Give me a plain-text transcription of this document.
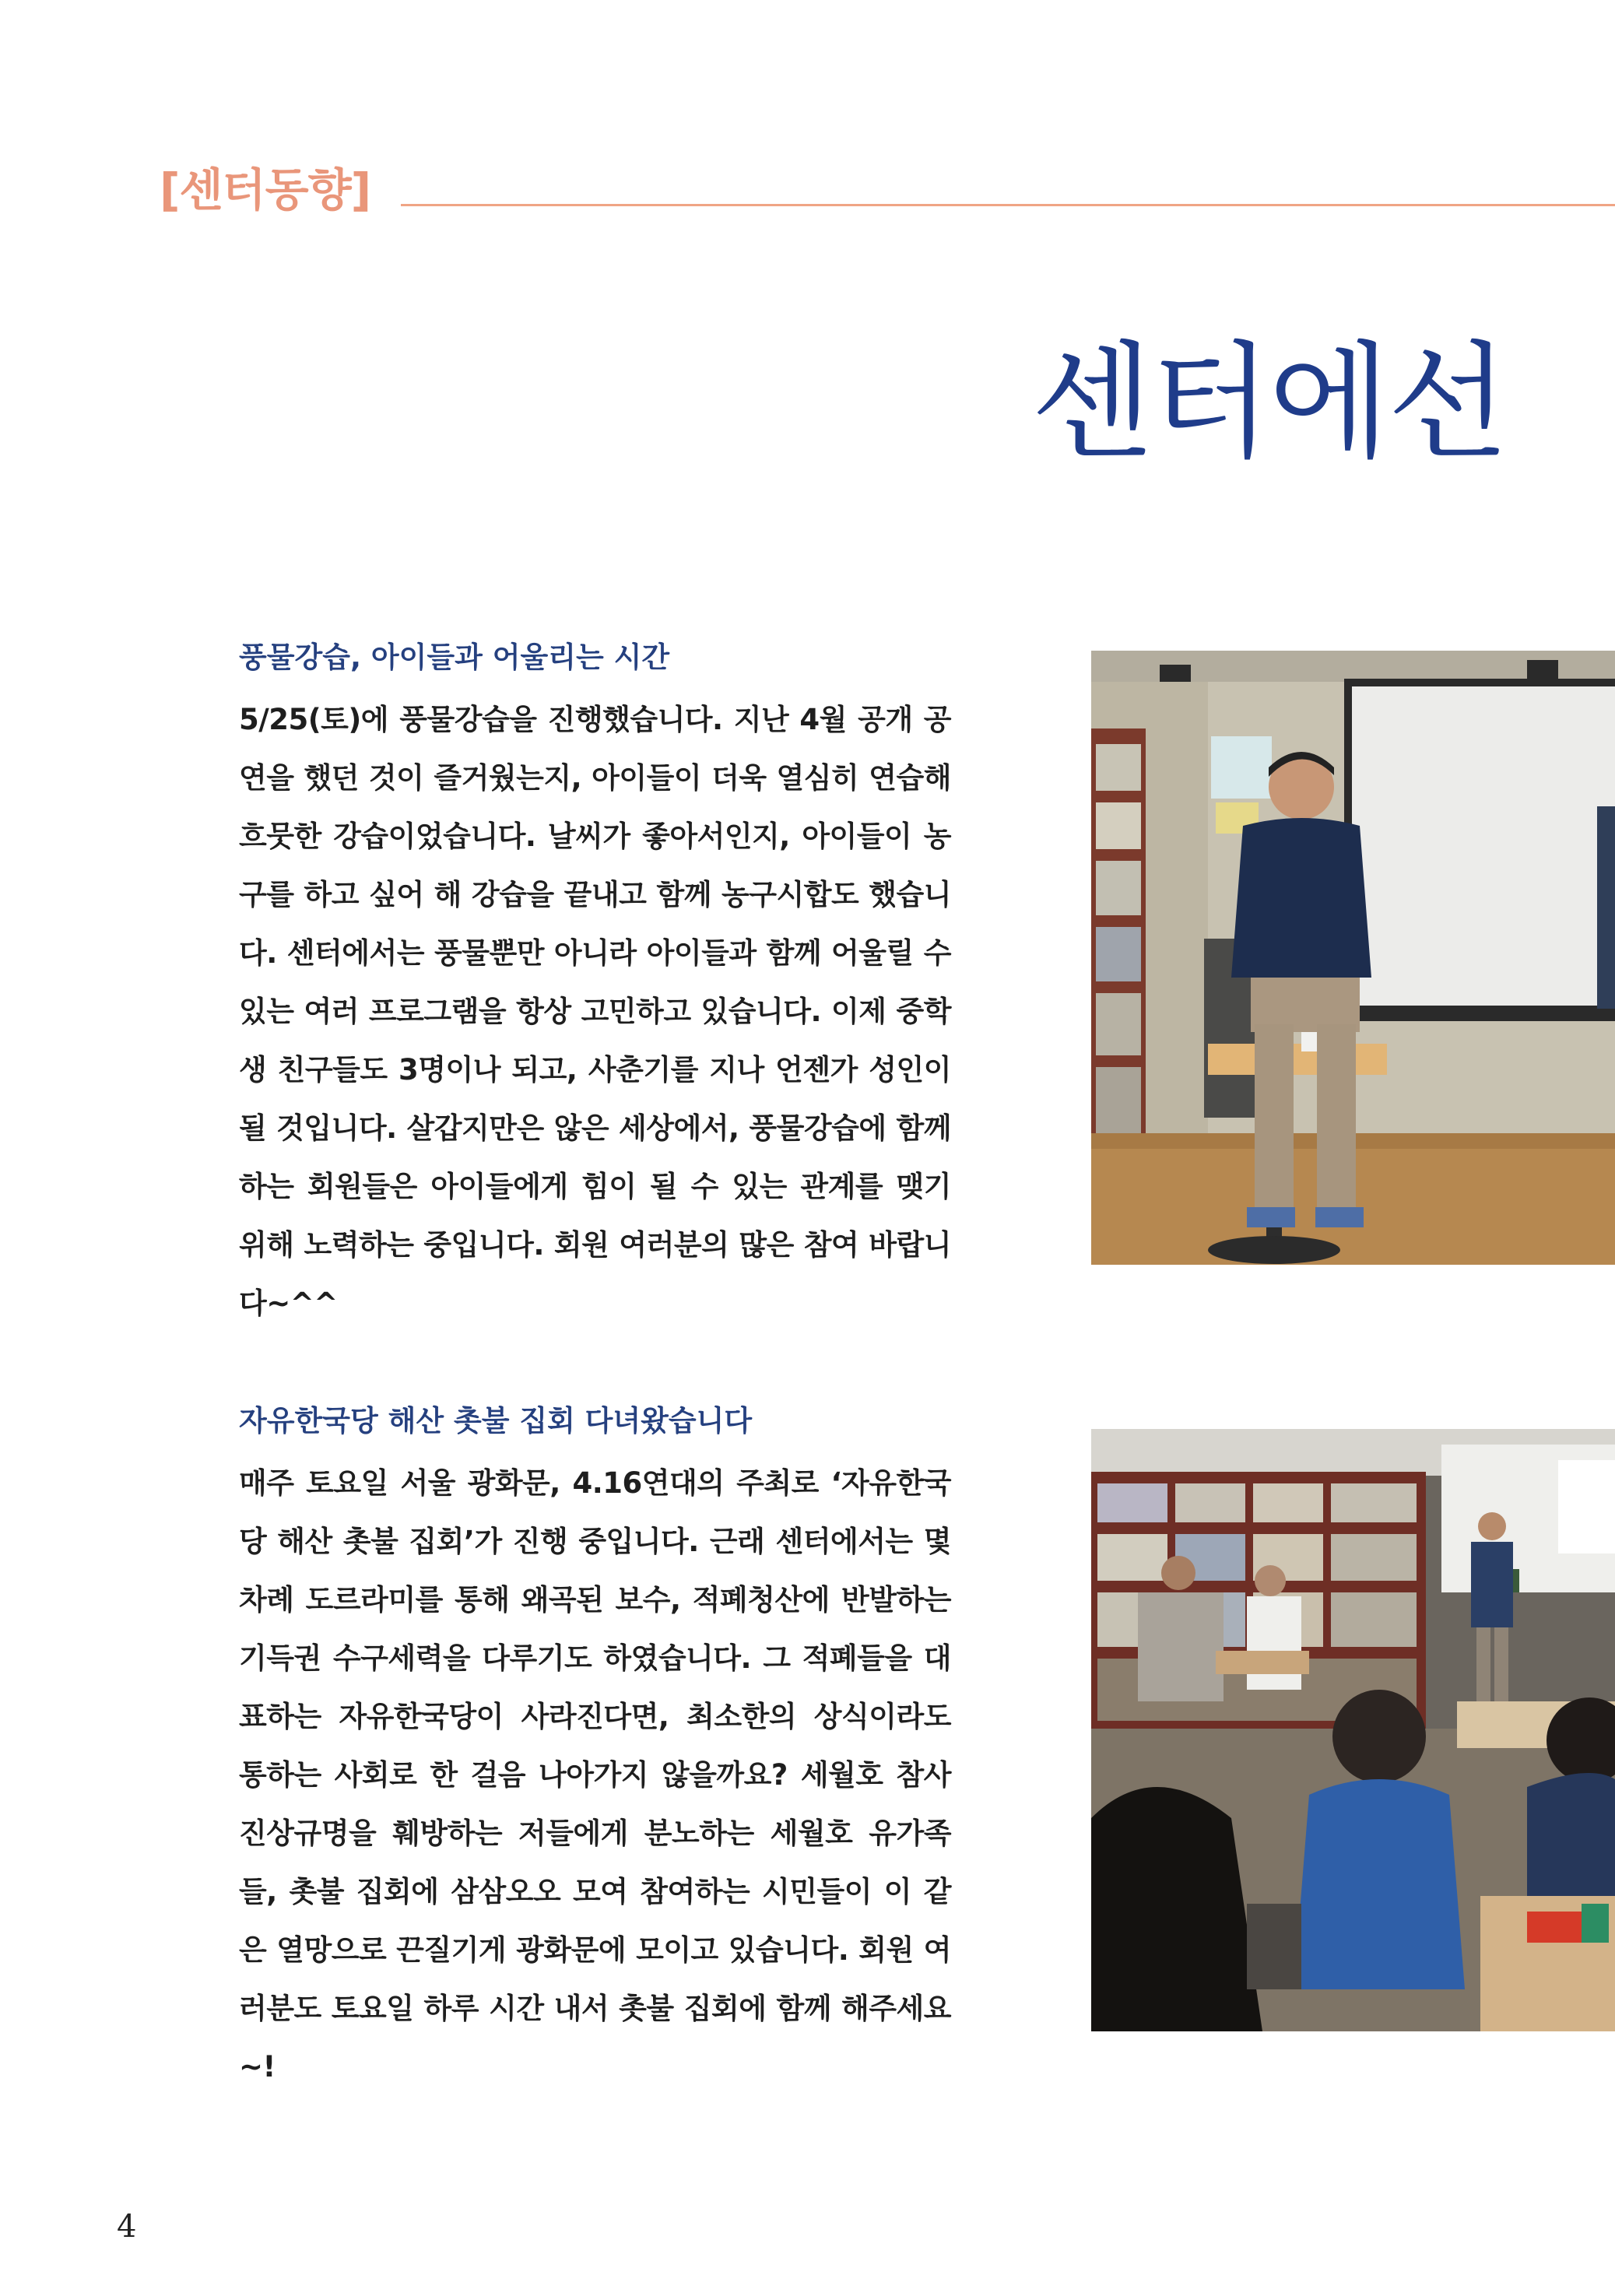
[센터동향]
센터에선
풍물강습, 아이들과 어울리는 시간

5/25(토)에 풍물강습을 진행했습니다. 지난 4월 공개 공연을 했던 것이 즐거웠는지, 아이들이 더욱 열심히 연습해 흐뭇한 강습이었습니다. 날씨가 좋아서인지, 아이들이 농구를 하고 싶어 해 강습을 끝내고 함께 농구시합도 했습니다. 센터에서는 풍물뿐만 아니라 아이들과 함께 어울릴 수 있는 여러 프로그램을 항상 고민하고 있습니다. 이제 중학생 친구들도 3명이나 되고, 사춘기를 지나 언젠가 성인이 될 것입니다. 살갑지만은 않은 세상에서, 풍물강습에 함께 하는 회원들은 아이들에게 힘이 될 수 있는 관계를 맺기 위해 노력하는 중입니다. 회원 여러분의 많은 참여 바랍니다~^^

자유한국당 해산 촛불 집회 다녀왔습니다

매주 토요일 서울 광화문, 4.16연대의 주최로 ‘자유한국당 해산 촛불 집회’가 진행 중입니다. 근래 센터에서는 몇 차례 도르라미를 통해 왜곡된 보수, 적폐청산에 반발하는 기득권 수구세력을 다루기도 하였습니다. 그 적폐들을 대표하는 자유한국당이 사라진다면, 최소한의 상식이라도 통하는 사회로 한 걸음 나아가지 않을까요? 세월호 참사 진상규명을 훼방하는 저들에게 분노하는 세월호 유가족들, 촛불 집회에 삼삼오오 모여 참여하는 시민들이 이 같은 열망으로 끈질기게 광화문에 모이고 있습니다. 회원 여러분도 토요일 하루 시간 내서 촛불 집회에 함께 해주세요~!

4
